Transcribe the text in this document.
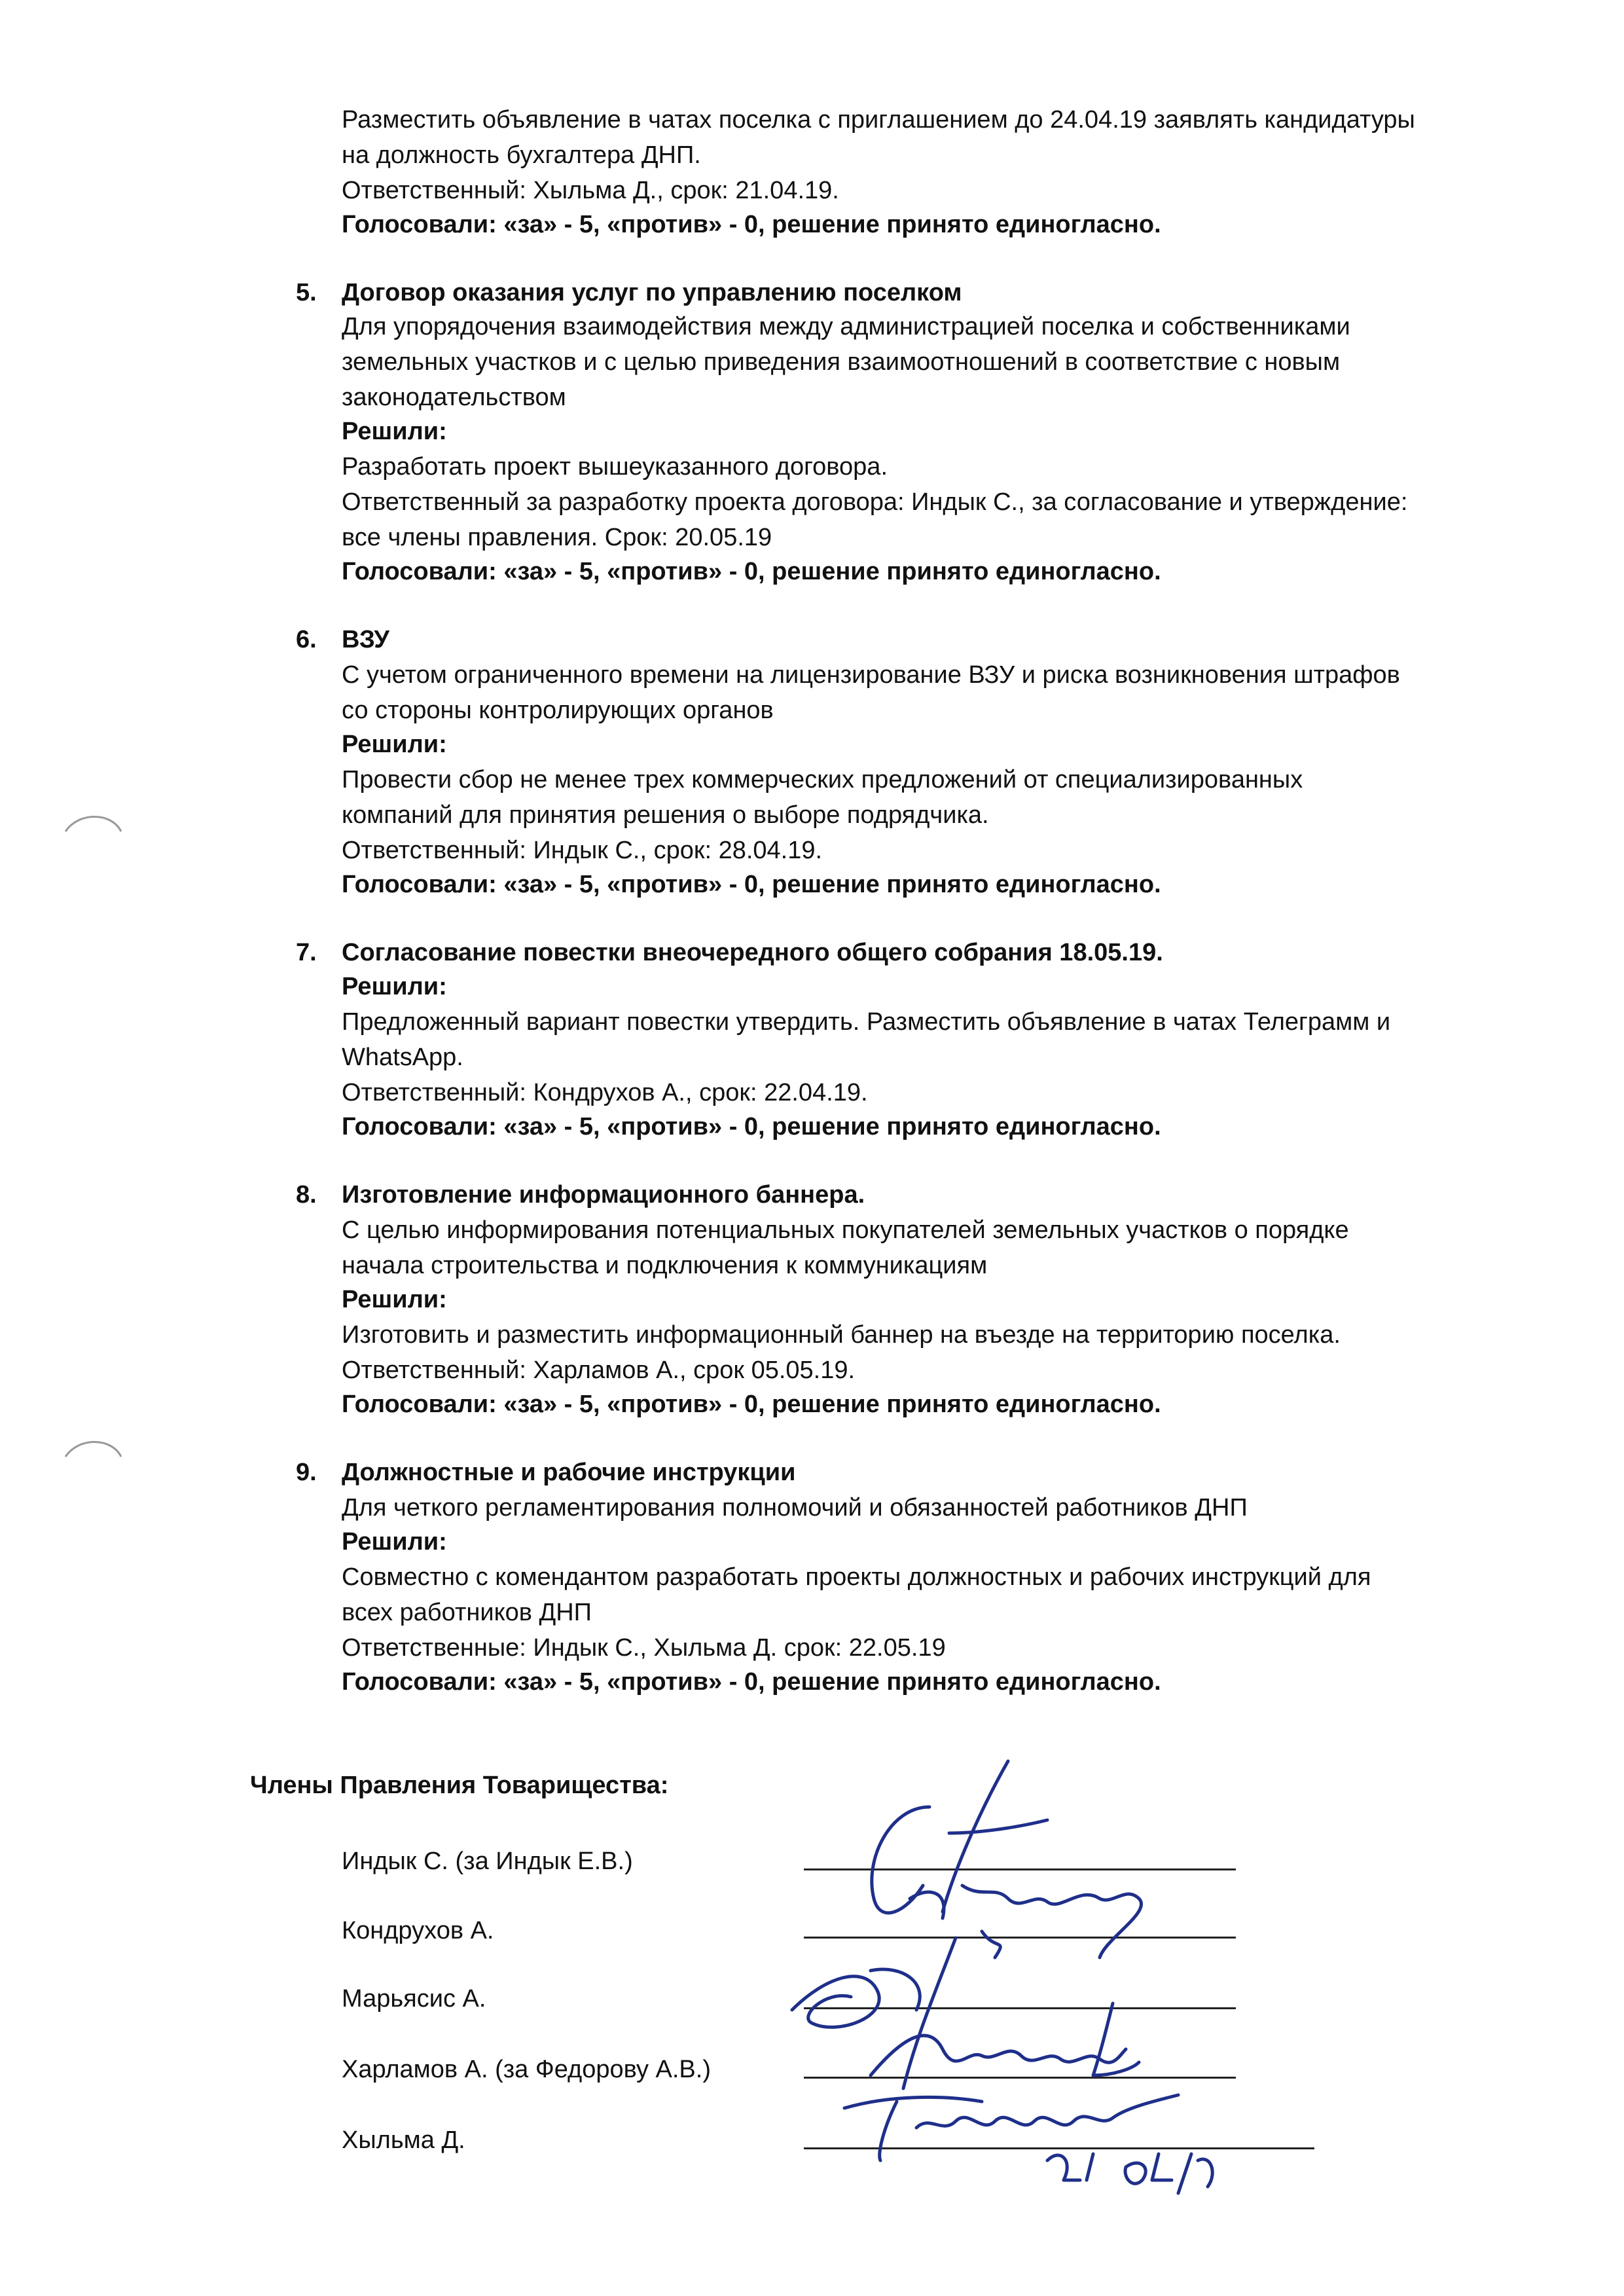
Разместить объявление в чатах поселка с приглашением до 24.04.19 заявлять кандидатуры
на должность бухгалтера ДНП.
Ответственный: Хыльма Д., срок: 21.04.19.
Голосовали: «за» - 5, «против» - 0, решение принято единогласно.
5. Договор оказания услуг по управлению поселком
Для упорядочения взаимодействия между администрацией поселка и собственниками
земельных участков и с целью приведения взаимоотношений в соответствие с новым
законодательством
Решили:
Разработать проект вышеуказанного договора.
Ответственный за разработку проекта договора: Индык С., за согласование и утверждение:
все члены правления. Срок: 20.05.19
Голосовали: «за» - 5, «против» - 0, решение принято единогласно.
6. ВЗУ
С учетом ограниченного времени на лицензирование ВЗУ и риска возникновения штрафов
со стороны контролирующих органов
Решили:
Провести сбор не менее трех коммерческих предложений от специализированных
компаний для принятия решения о выборе подрядчика.
Ответственный: Индык С., срок: 28.04.19.
Голосовали: «за» - 5, «против» - 0, решение принято единогласно.
7. Согласование повестки внеочередного общего собрания 18.05.19.
Решили:
Предложенный вариант повестки утвердить. Разместить объявление в чатах Телеграмм и
WhatsApp.
Ответственный: Кондрухов А., срок: 22.04.19.
Голосовали: «за» - 5, «против» - 0, решение принято единогласно.
8. Изготовление информационного баннера.
С целью информирования потенциальных покупателей земельных участков о порядке
начала строительства и подключения к коммуникациям
Решили:
Изготовить и разместить информационный баннер на въезде на территорию поселка.
Ответственный: Харламов А., срок 05.05.19.
Голосовали: «за» - 5, «против» - 0, решение принято единогласно.
9. Должностные и рабочие инструкции
Для четкого регламентирования полномочий и обязанностей работников ДНП
Решили:
Совместно с комендантом разработать проекты должностных и рабочих инструкций для
всех работников ДНП
Ответственные: Индык С., Хыльма Д. срок: 22.05.19
Голосовали: «за» - 5, «против» - 0, решение принято единогласно.
Члены Правления Товарищества:
Индык С. (за Индык Е.В.)
Кондрухов А.
Марьясис А.
Харламов А. (за Федорову А.В.)
Хыльма Д.
